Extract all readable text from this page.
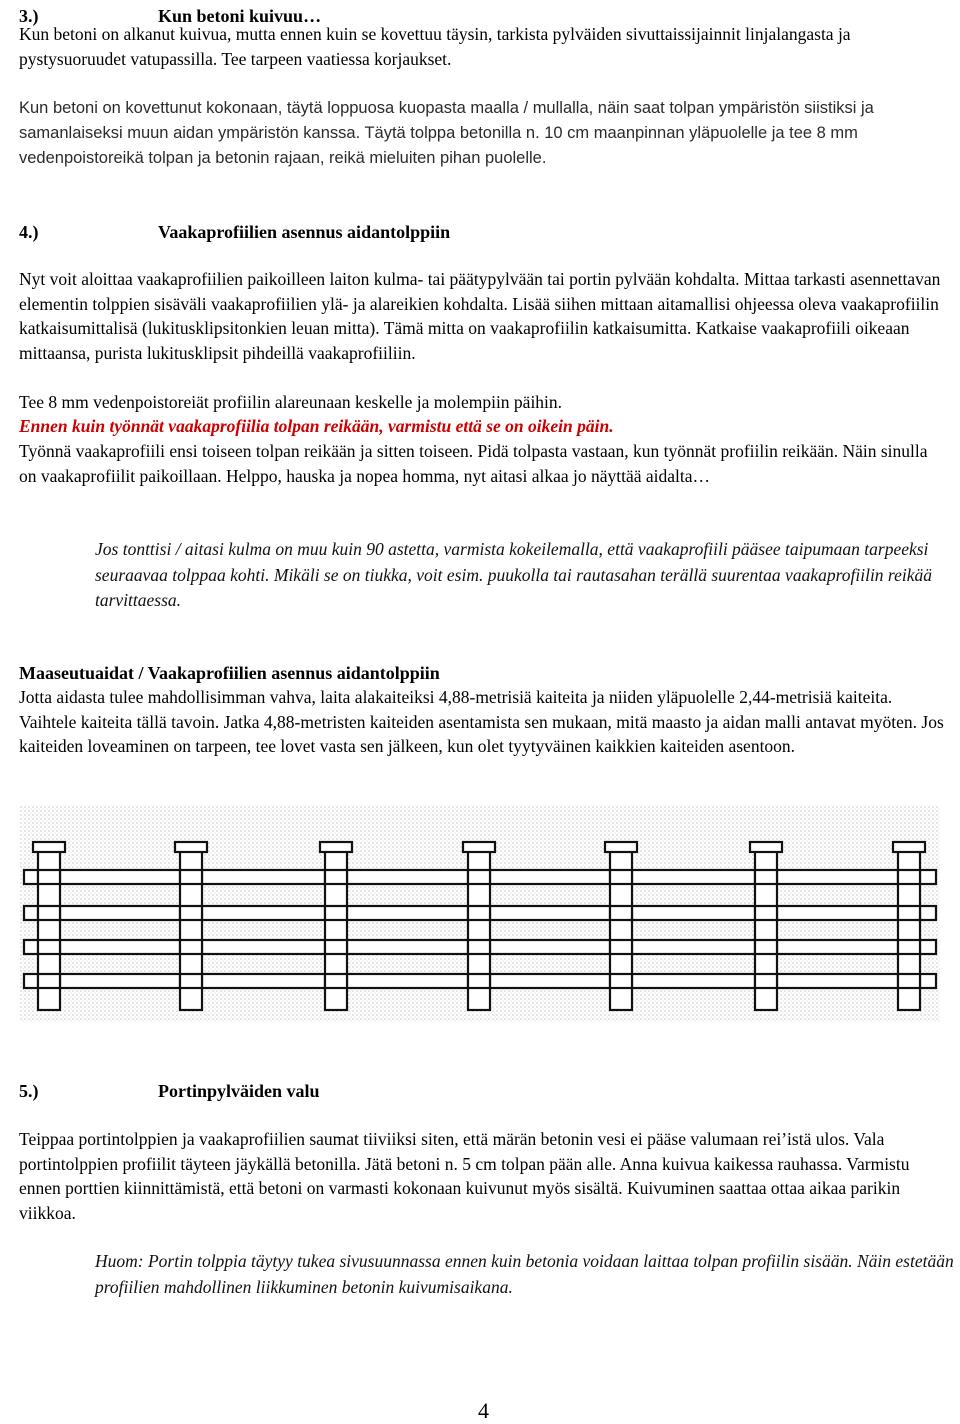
3.)	Kun betoni kuivuu…

Kun betoni on alkanut kuivua, mutta ennen kuin se kovettuu täysin, tarkista pylväiden sivuttaissijainnit linjalangasta ja pystysuoruudet vatupassilla. Tee tarpeen vaatiessa korjaukset.

Kun betoni on kovettunut kokonaan, täytä loppuosa kuopasta maalla / mullalla, näin saat tolpan ympäristön siistiksi ja samanlaiseksi muun aidan ympäristön kanssa. Täytä tolppa betonilla n. 10 cm maanpinnan yläpuolelle ja tee 8 mm vedenpoistoreikä tolpan ja betonin rajaan, reikä mieluiten pihan puolelle.

4.)	Vaakaprofiilien asennus aidantolppiin

Nyt voit aloittaa vaakaprofiilien paikoilleen laiton kulma- tai päätypylvään tai portin pylvään kohdalta. Mittaa tarkasti asennettavan elementin tolppien sisäväli vaakaprofiilien ylä- ja alareikien kohdalta. Lisää siihen mittaan aitamallisi ohjeessa oleva vaakaprofiilin katkaisumittalisä (lukitusklipsitonkien leuan mitta). Tämä mitta on vaakaprofiilin katkaisumitta. Katkaise vaakaprofiili oikeaan mittaansa, purista lukitusklipsit pihdeillä vaakaprofiiliin.

Tee 8 mm vedenpoistoreiät profiilin alareunaan keskelle ja molempiin päihin.

Ennen kuin työnnät vaakaprofiilia tolpan reikään, varmistu että se on oikein päin.

Työnnä vaakaprofiili ensi toiseen tolpan reikään ja sitten toiseen. Pidä tolpasta vastaan, kun työnnät profiilin reikään. Näin sinulla on vaakaprofiilit paikoillaan. Helppo, hauska ja nopea homma, nyt aitasi alkaa jo näyttää aidalta…

Jos tonttisi / aitasi kulma on muu kuin 90 astetta, varmista kokeilemalla, että vaakaprofiili pääsee taipumaan tarpeeksi seuraavaa tolppaa kohti. Mikäli se on tiukka, voit esim. puukolla tai rautasahan terällä suurentaa vaakaprofiilin reikää tarvittaessa.

Maaseutuaidat / Vaakaprofiilien asennus aidantolppiin

Jotta aidasta tulee mahdollisimman vahva, laita alakaiteiksi 4,88-metrisiä kaiteita ja niiden yläpuolelle 2,44-metrisiä kaiteita. Vaihtele kaiteita tällä tavoin. Jatka 4,88-metristen kaiteiden asentamista sen mukaan, mitä maasto ja aidan malli antavat myöten. Jos kaiteiden loveaminen on tarpeen, tee lovet vasta sen jälkeen, kun olet tyytyväinen kaikkien kaiteiden asentoon.

5.)	Portinpylväiden valu

Teippaa portintolppien ja vaakaprofiilien saumat tiiviiksi siten, että märän betonin vesi ei pääse valumaan rei’istä ulos. Vala portintolppien profiilit täyteen jäykällä betonilla. Jätä betoni n. 5 cm tolpan pään alle. Anna kuivua kaikessa rauhassa. Varmistu ennen porttien kiinnittämistä, että betoni on varmasti kokonaan kuivunut myös sisältä. Kuivuminen saattaa ottaa aikaa parikin viikkoa.

Huom: Portin tolppia täytyy tukea sivusuunnassa ennen kuin betonia voidaan laittaa tolpan profiilin sisään. Näin estetään profiilien mahdollinen liikkuminen betonin kuivumisaikana.

4
